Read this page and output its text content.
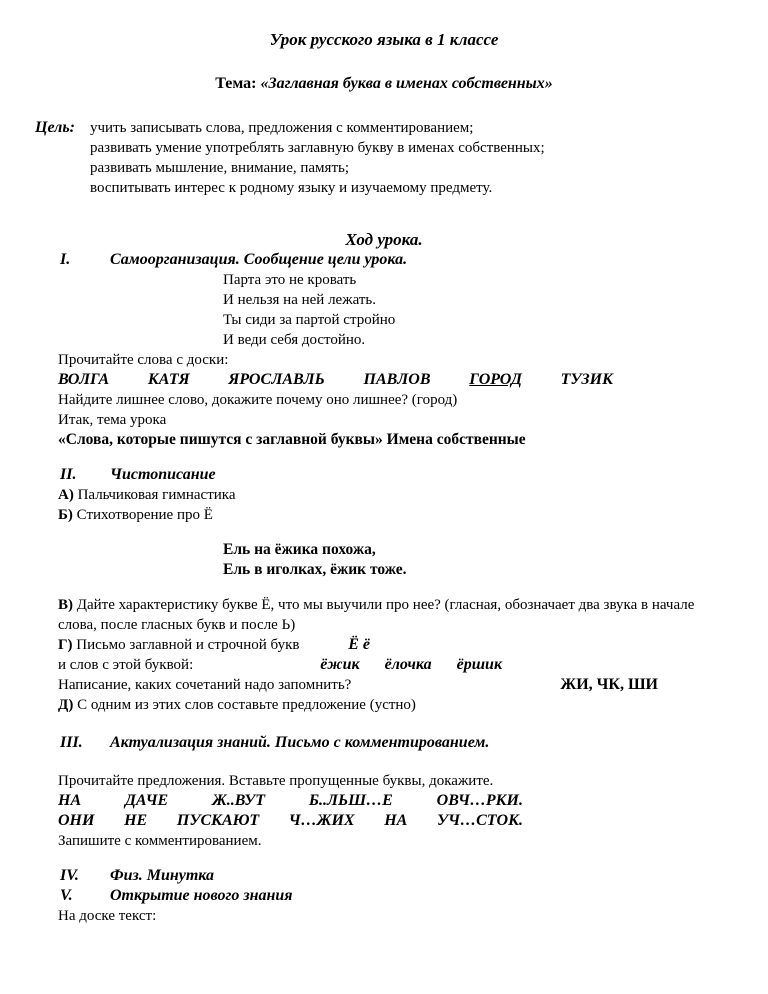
Урок русского языка в 1 классе
Тема: «Заглавная буква в именах собственных»
Цель:	учить записывать слова, предложения с комментированием;
развивать умение употреблять заглавную букву в именах собственных;
развивать мышление, внимание, память;
воспитывать интерес к родному языку и изучаемому предмету.
Ход урока.
I.	Самоорганизация. Сообщение цели урока.
Парта это не кровать
И нельзя на ней лежать.
Ты сиди за партой стройно
И веди себя достойно.
Прочитайте слова с доски:
ВОЛГА КАТЯ ЯРОСЛАВЛЬ ПАВЛОВ ГОРОД ТУЗИК
Найдите лишнее слово, докажите почему оно лишнее? (город)
Итак, тема урока
«Слова, которые пишутся с заглавной буквы» Имена собственные
II.	Чистописание
А) Пальчиковая гимнастика
Б) Стихотворение про Ё
Ель на ёжика похожа,
Ель в иголках, ёжик тоже.
В) Дайте характеристику букве Ё, что мы выучили про нее? (гласная, обозначает два звука в начале слова, после гласных букв и после Ь)
Г) Письмо заглавной и строчной букв	Ё ё
и слов с этой буквой:	ёжик ёлочка ёршик
Написание, каких сочетаний надо запомнить?	ЖИ, ЧК, ШИ
Д) С одним из этих слов составьте предложение (устно)
III.	Актуализация знаний. Письмо с комментированием.
Прочитайте предложения. Вставьте пропущенные буквы, докажите.
НА	ДАЧЕ	Ж..ВУТ	Б..ЛЬШ…Е	ОВЧ…РКИ.
ОНИ НЕ ПУСКАЮТ Ч…ЖИХ НА УЧ…СТОК.
Запишите с комментированием.
IV.	Физ. Минутка
V.	Открытие нового знания
На доске текст:
